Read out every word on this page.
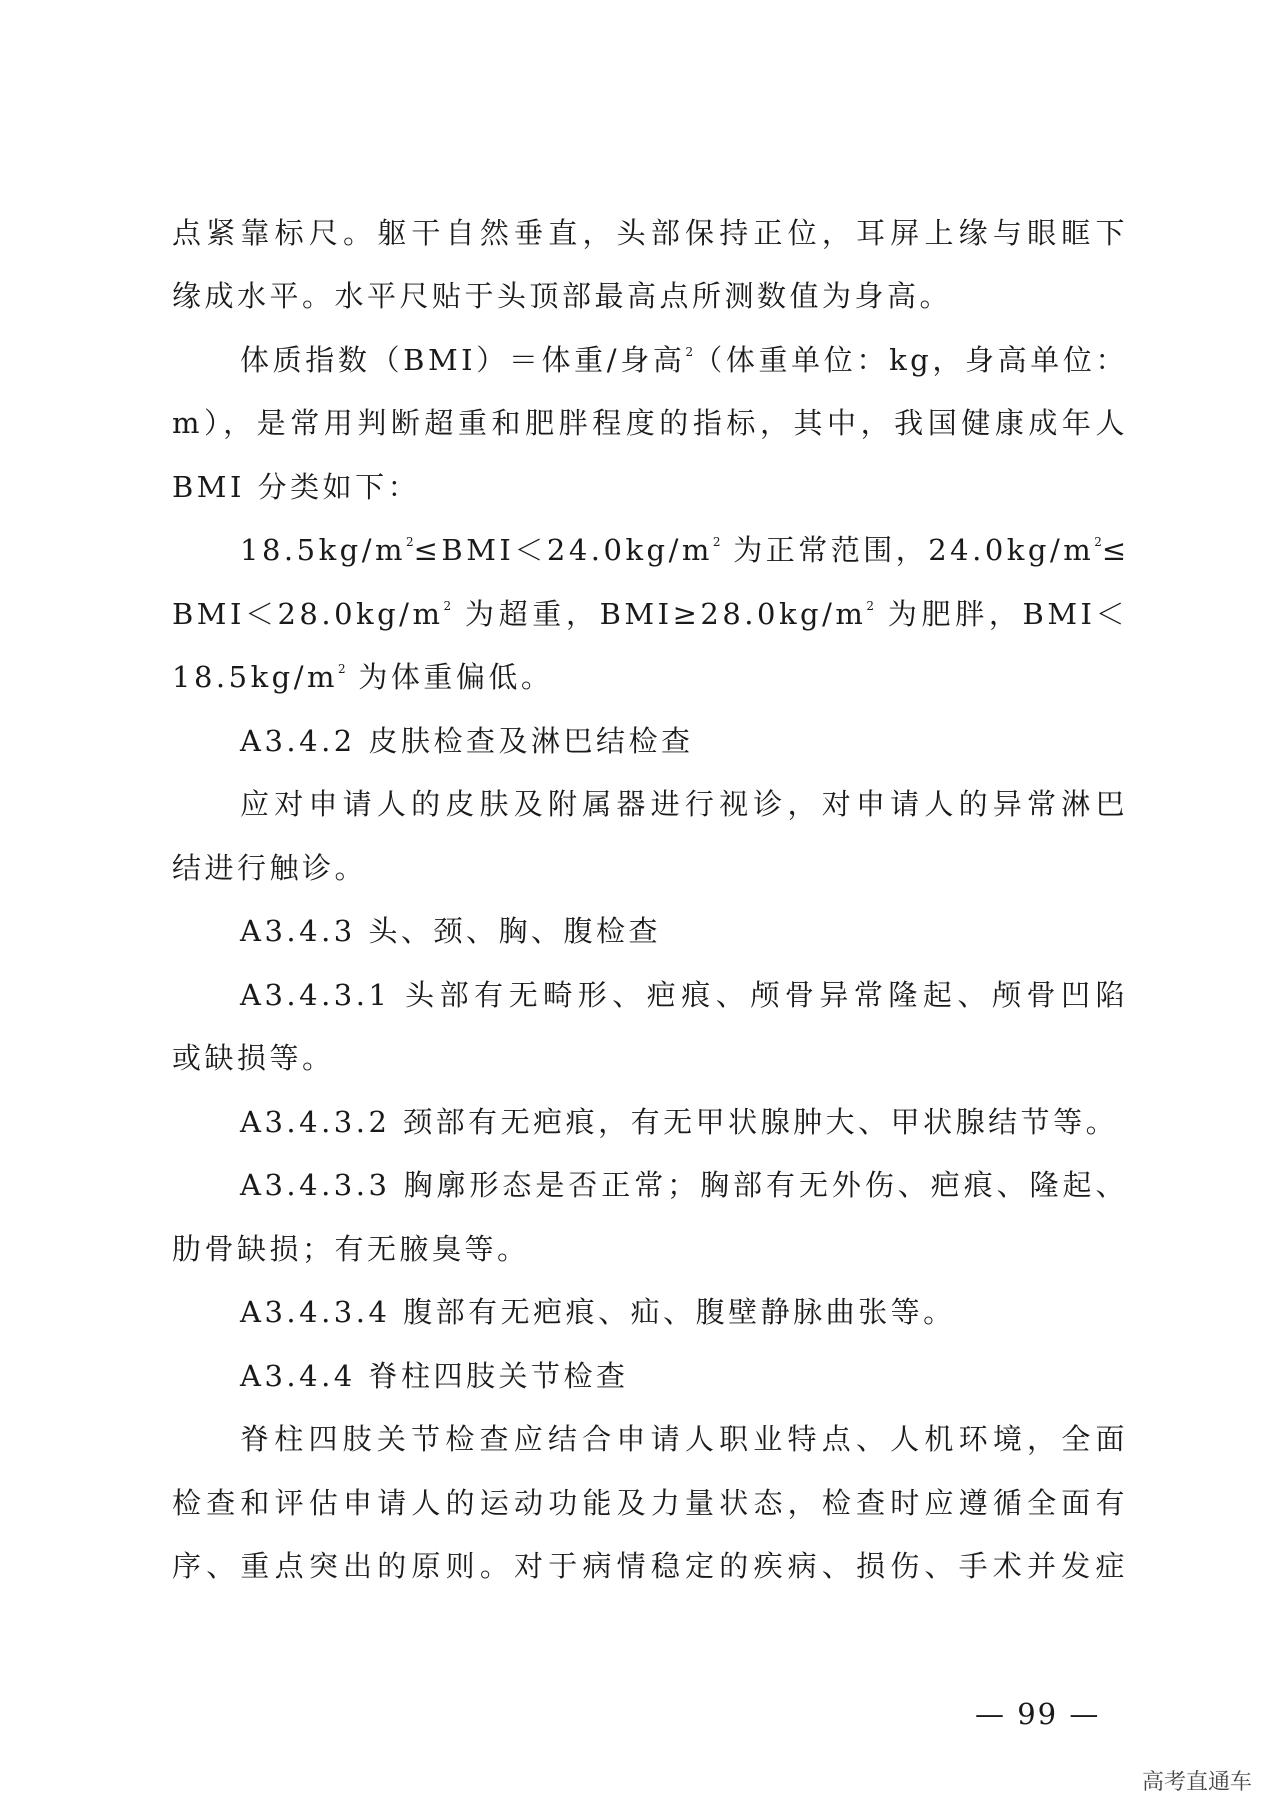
点紧靠标尺。躯干自然垂直，头部保持正位，耳屏上缘与眼眶下
缘成水平。水平尺贴于头顶部最高点所测数值为身高。
体质指数（BMI）＝体重/身高$^2$（体重单位：kg，身高单位：
m），是常用判断超重和肥胖程度的指标，其中，我国健康成年人
BMI 分类如下：
$18.5kg/m^2\le BMI<24.0kg/m^2$ 为正常范围，$24.0kg/m^2\le$
$BMI<28.0kg/m^2$ 为超重，$BMI\ge 28.0kg/m^2$ 为肥胖，BMI＜
$18.5kg/m^2$ 为体重偏低。
A3.4.2 皮肤检查及淋巴结检查
应对申请人的皮肤及附属器进行视诊，对申请人的异常淋巴
结进行触诊。
A3.4.3 头、颈、胸、腹检查
A3.4.3.1 头部有无畸形、疤痕、颅骨异常隆起、颅骨凹陷
或缺损等。
A3.4.3.2 颈部有无疤痕，有无甲状腺肿大、甲状腺结节等。
A3.4.3.3 胸廓形态是否正常；胸部有无外伤、疤痕、隆起、
肋骨缺损；有无腋臭等。
A3.4.3.4 腹部有无疤痕、疝、腹壁静脉曲张等。
A3.4.4 脊柱四肢关节检查
脊柱四肢关节检查应结合申请人职业特点、人机环境，全面
检查和评估申请人的运动功能及力量状态，检查时应遵循全面有
序、重点突出的原则。对于病情稳定的疾病、损伤、手术并发症
— 99 —
高考直通车
